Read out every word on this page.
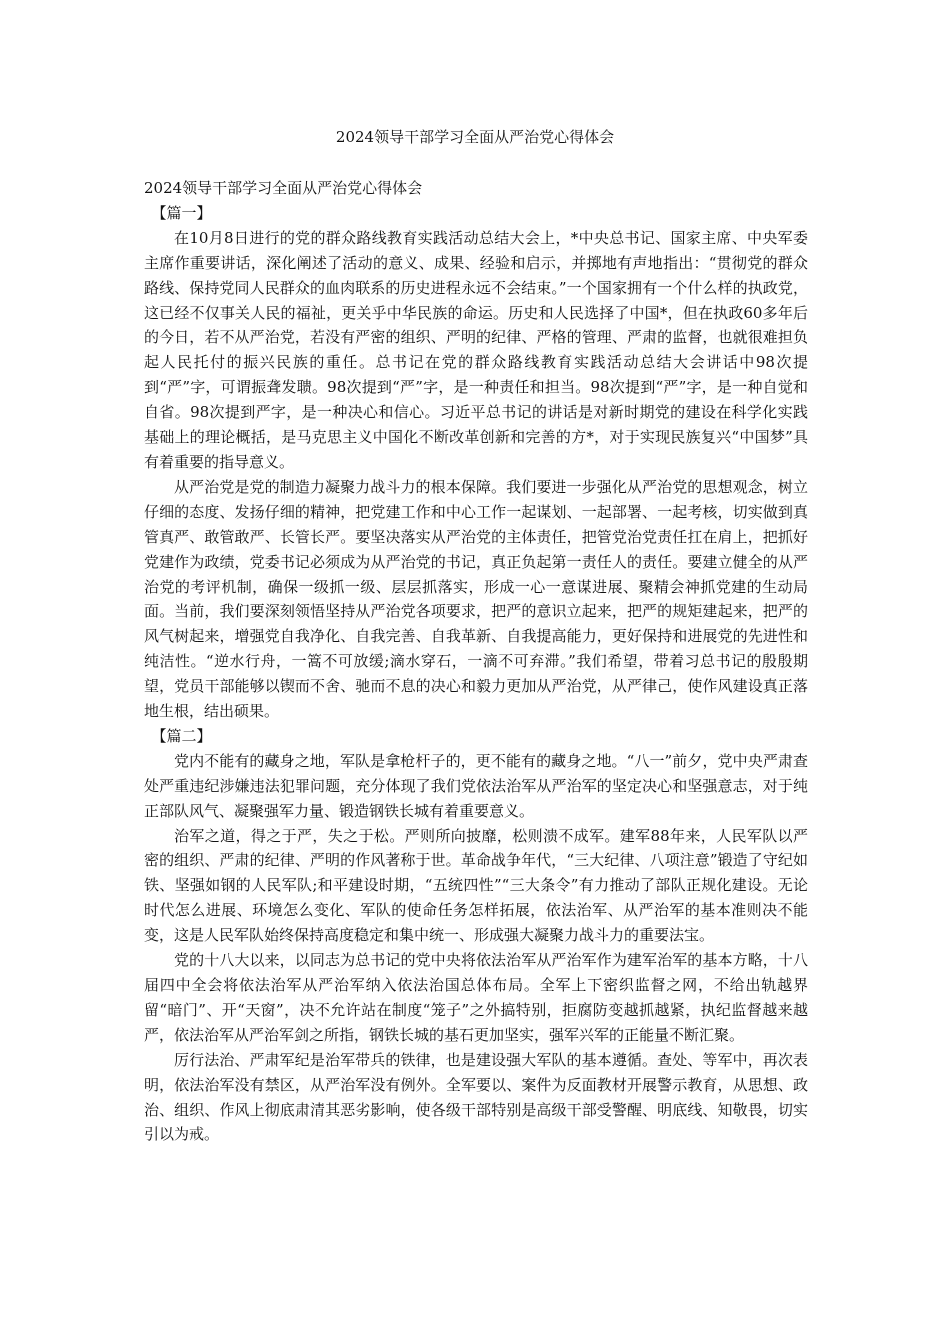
2024领导干部学习全面从严治党心得体会

2024领导干部学习全面从严治党心得体会

【篇一】

在10月8日进行的党的群众路线教育实践活动总结大会上，*中央总书记、国家主席、中央军委主席作重要讲话，深化阐述了活动的意义、成果、经验和启示，并掷地有声地指出：“贯彻党的群众路线、保持党同人民群众的血肉联系的历史进程永远不会结束。”一个国家拥有一个什么样的执政党，这已经不仅事关人民的福祉，更关乎中华民族的命运。历史和人民选择了中国*，但在执政60多年后的今日，若不从严治党，若没有严密的组织、严明的纪律、严格的管理、严肃的监督，也就很难担负起人民托付的振兴民族的重任。总书记在党的群众路线教育实践活动总结大会讲话中98次提到“严”字，可谓振聋发聩。98次提到“严”字，是一种责任和担当。98次提到“严”字，是一种自觉和自省。98次提到严字，是一种决心和信心。习近平总书记的讲话是对新时期党的建设在科学化实践基础上的理论概括，是马克思主义中国化不断改革创新和完善的方*，对于实现民族复兴“中国梦”具有着重要的指导意义。

从严治党是党的制造力凝聚力战斗力的根本保障。我们要进一步强化从严治党的思想观念，树立仔细的态度、发扬仔细的精神，把党建工作和中心工作一起谋划、一起部署、一起考核，切实做到真管真严、敢管敢严、长管长严。要坚决落实从严治党的主体责任，把管党治党责任扛在肩上，把抓好党建作为政绩，党委书记必须成为从严治党的书记，真正负起第一责任人的责任。要建立健全的从严治党的考评机制，确保一级抓一级、层层抓落实，形成一心一意谋进展、聚精会神抓党建的生动局面。当前，我们要深刻领悟坚持从严治党各项要求，把严的意识立起来，把严的规矩建起来，把严的风气树起来，增强党自我净化、自我完善、自我革新、自我提高能力，更好保持和进展党的先进性和纯洁性。“逆水行舟，一篙不可放缓;滴水穿石，一滴不可弃滞。”我们希望，带着习总书记的殷殷期望，党员干部能够以锲而不舍、驰而不息的决心和毅力更加从严治党，从严律己，使作风建设真正落地生根，结出硕果。

【篇二】

党内不能有的藏身之地，军队是拿枪杆子的，更不能有的藏身之地。“八一”前夕，党中央严肃查处严重违纪涉嫌违法犯罪问题，充分体现了我们党依法治军从严治军的坚定决心和坚强意志，对于纯正部队风气、凝聚强军力量、锻造钢铁长城有着重要意义。

治军之道，得之于严，失之于松。严则所向披靡，松则溃不成军。建军88年来，人民军队以严密的组织、严肃的纪律、严明的作风著称于世。革命战争年代，“三大纪律、八项注意”锻造了守纪如铁、坚强如钢的人民军队;和平建设时期，“五统四性”“三大条令”有力推动了部队正规化建设。无论时代怎么进展、环境怎么变化、军队的使命任务怎样拓展，依法治军、从严治军的基本准则决不能变，这是人民军队始终保持高度稳定和集中统一、形成强大凝聚力战斗力的重要法宝。

党的十八大以来，以同志为总书记的党中央将依法治军从严治军作为建军治军的基本方略，十八届四中全会将依法治军从严治军纳入依法治国总体布局。全军上下密织监督之网，不给出轨越界留“暗门”、开“天窗”，决不允许站在制度“笼子”之外搞特别，拒腐防变越抓越紧，执纪监督越来越严，依法治军从严治军剑之所指，钢铁长城的基石更加坚实，强军兴军的正能量不断汇聚。

厉行法治、严肃军纪是治军带兵的铁律，也是建设强大军队的基本遵循。查处、等军中，再次表明，依法治军没有禁区，从严治军没有例外。全军要以、案件为反面教材开展警示教育，从思想、政治、组织、作风上彻底肃清其恶劣影响，使各级干部特别是高级干部受警醒、明底线、知敬畏，切实引以为戒。
